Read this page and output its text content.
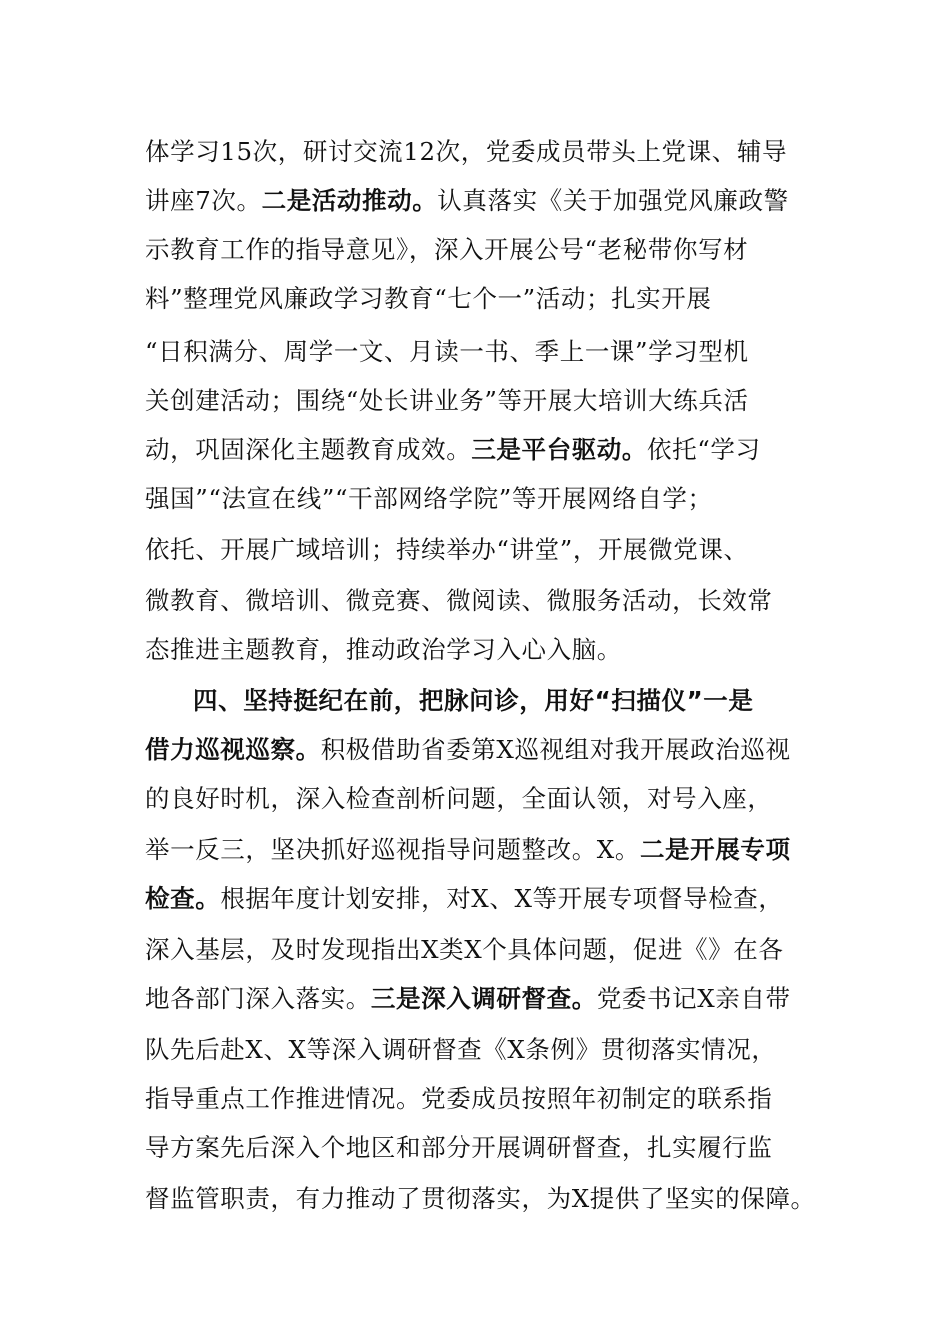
体学习15次，研讨交流12次，党委成员带头上党课、辅导
讲座7次。二是活动推动。认真落实《关于加强党风廉政警
示教育工作的指导意见》，深入开展公号“老秘带你写材
料”整理党风廉政学习教育“七个一”活动；扎实开展
“日积满分、周学一文、月读一书、季上一课”学习型机
关创建活动；围绕“处长讲业务”等开展大培训大练兵活
动，巩固深化主题教育成效。三是平台驱动。依托“学习
强国”“法宣在线”“干部网络学院”等开展网络自学；
依托、开展广域培训；持续举办“讲堂”，开展微党课、
微教育、微培训、微竞赛、微阅读、微服务活动，长效常
态推进主题教育，推动政治学习入心入脑。
四、坚持挺纪在前，把脉问诊，用好“扫描仪”一是
借力巡视巡察。积极借助省委第X巡视组对我开展政治巡视
的良好时机，深入检查剖析问题，全面认领，对号入座，
举一反三，坚决抓好巡视指导问题整改。X。二是开展专项
检查。根据年度计划安排，对X、X等开展专项督导检查，
深入基层，及时发现指出X类X个具体问题，促进《》在各
地各部门深入落实。三是深入调研督查。党委书记X亲自带
队先后赴X、X等深入调研督查《X条例》贯彻落实情况，
指导重点工作推进情况。党委成员按照年初制定的联系指
导方案先后深入个地区和部分开展调研督查，扎实履行监
督监管职责，有力推动了贯彻落实，为X提供了坚实的保障。
